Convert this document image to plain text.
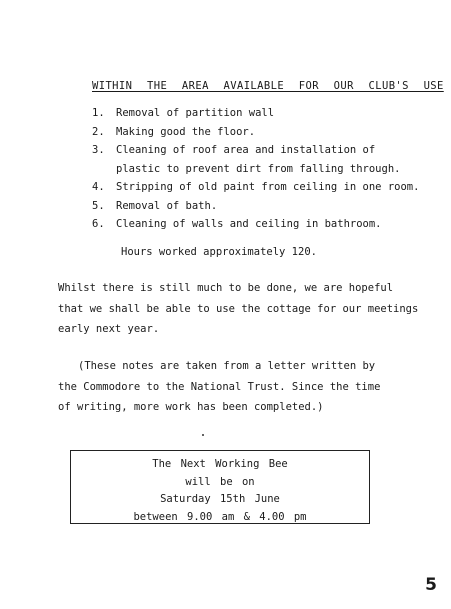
WITHIN THE AREA AVAILABLE FOR OUR CLUB'S USE
1.	Removal of partition wall
2.	Making good the floor.
3.	Cleaning of roof area and installation of plastic to prevent dirt from falling through.
4.	Stripping of old paint from ceiling in one room.
5.	Removal of bath.
6.	Cleaning of walls and ceiling in bathroom.
Hours worked approximately 120.

Whilst there is still much to be done, we are hopeful
that we shall be able to use the cottage for our meetings
early next year.

(These notes are taken from a letter written by
the Commodore to the National Trust. Since the time
of writing, more work has been completed.)

The Next Working Bee
will be on
Saturday 15th June
between 9.00 am & 4.00 pm
5
